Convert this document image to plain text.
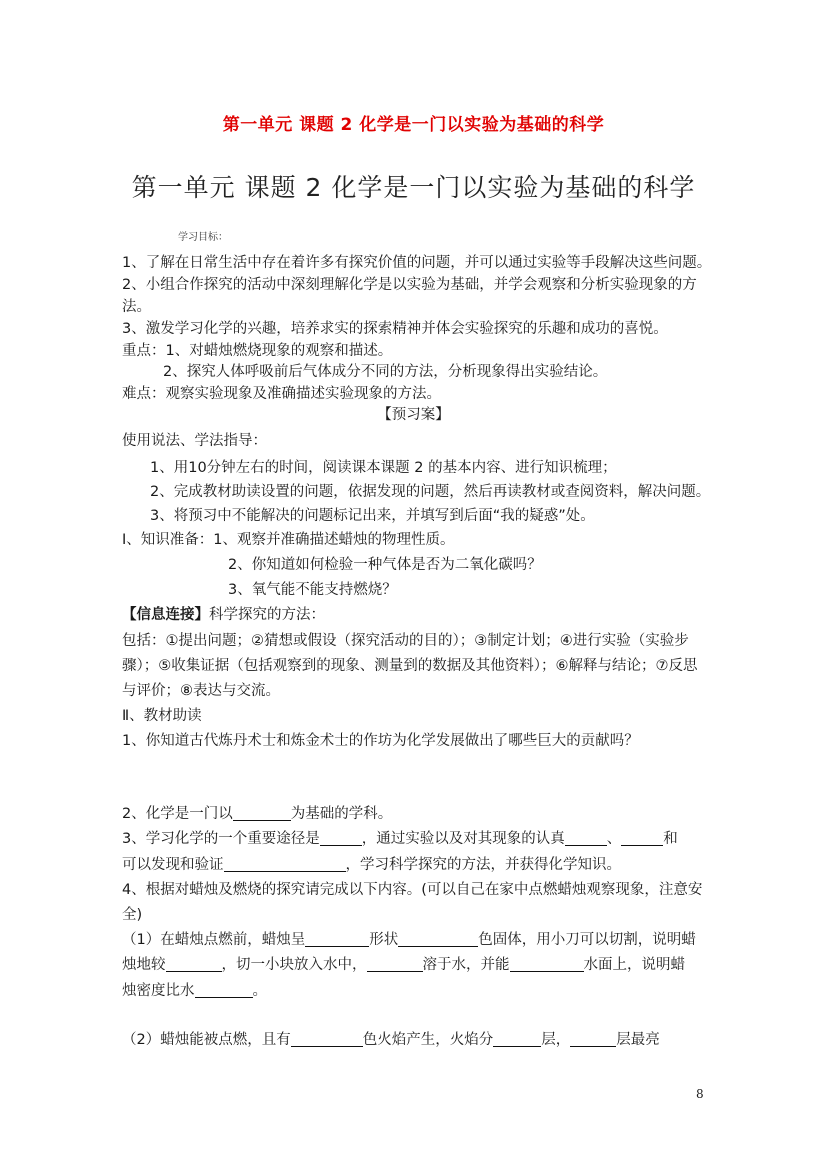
第一单元 课题 2 化学是一门以实验为基础的科学
第一单元 课题 2 化学是一门以实验为基础的科学
学习目标：
1、了解在日常生活中存在着许多有探究价值的问题，并可以通过实验等手段解决这些问题。
2、小组合作探究的活动中深刻理解化学是以实验为基础，并学会观察和分析实验现象的方
法。
3、激发学习化学的兴趣，培养求实的探索精神并体会实验探究的乐趣和成功的喜悦。
重点：1、对蜡烛燃烧现象的观察和描述。
2、探究人体呼吸前后气体成分不同的方法，分析现象得出实验结论。
难点：观察实验现象及准确描述实验现象的方法。
【预习案】
使用说法、学法指导：
1、用10分钟左右的时间，阅读课本课题 2 的基本内容、进行知识梳理；
2、完成教材助读设置的问题，依据发现的问题，然后再读教材或查阅资料，解决问题。
3、将预习中不能解决的问题标记出来，并填写到后面“我的疑惑”处。
Ⅰ、知识准备：1、观察并准确描述蜡烛的物理性质。
2、你知道如何检验一种气体是否为二氧化碳吗？
3、氧气能不能支持燃烧？
【信息连接】科学探究的方法：
包括：①提出问题；②猜想或假设（探究活动的目的）；③制定计划；④进行实验（实验步
骤）；⑤收集证据（包括观察到的现象、测量到的数据及其他资料）；⑥解释与结论；⑦反思
与评价；⑧表达与交流。
Ⅱ、教材助读
1、你知道古代炼丹术士和炼金术士的作坊为化学发展做出了哪些巨大的贡献吗？
2、化学是一门以	为基础的学科。
3、学习化学的一个重要途径是	，通过实验以及对其现象的认真	、	和
可以发现和验证	，学习科学探究的方法，并获得化学知识。
4、根据对蜡烛及燃烧的探究请完成以下内容。(可以自己在家中点燃蜡烛观察现象，注意安
全)
（1）在蜡烛点燃前，蜡烛呈	形状	色固体，用小刀可以切割，说明蜡
烛地较	，切一小块放入水中，	溶于水，并能	水面上，说明蜡
烛密度比水	。
（2）蜡烛能被点燃，且有	色火焰产生，火焰分	层，	层最亮
8
